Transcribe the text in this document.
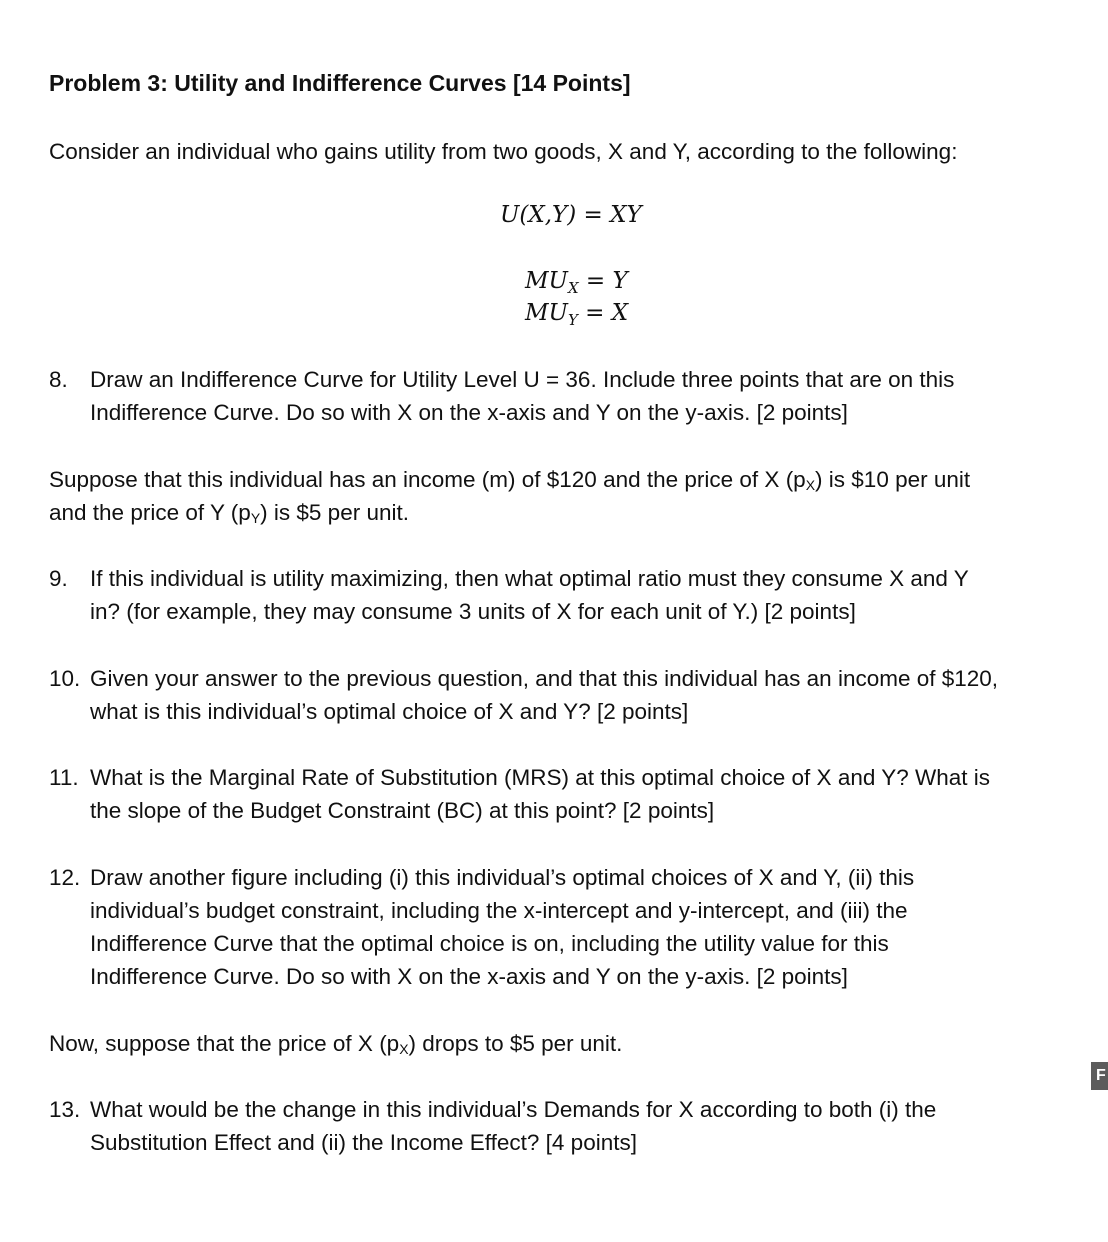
Problem 3: Utility and Indifference Curves [14 Points]
Consider an individual who gains utility from two goods, X and Y, according to the following:
U(X,Y) = XY
$MU_X = Y$
$MU_Y = X$
8. Draw an Indifference Curve for Utility Level U = 36. Include three points that are on this
Indifference Curve. Do so with X on the x-axis and Y on the y-axis. [2 points]
Suppose that this individual has an income (m) of $120 and the price of X (pX) is $10 per unit
and the price of Y (pY) is $5 per unit.
9. If this individual is utility maximizing, then what optimal ratio must they consume X and Y
in? (for example, they may consume 3 units of X for each unit of Y.) [2 points]
10. Given your answer to the previous question, and that this individual has an income of $120,
what is this individual’s optimal choice of X and Y? [2 points]
11. What is the Marginal Rate of Substitution (MRS) at this optimal choice of X and Y? What is
the slope of the Budget Constraint (BC) at this point? [2 points]
12. Draw another figure including (i) this individual’s optimal choices of X and Y, (ii) this
individual’s budget constraint, including the x-intercept and y-intercept, and (iii) the
Indifference Curve that the optimal choice is on, including the utility value for this
Indifference Curve. Do so with X on the x-axis and Y on the y-axis. [2 points]
Now, suppose that the price of X (pX) drops to $5 per unit.
13. What would be the change in this individual’s Demands for X according to both (i) the
Substitution Effect and (ii) the Income Effect? [4 points]
F
